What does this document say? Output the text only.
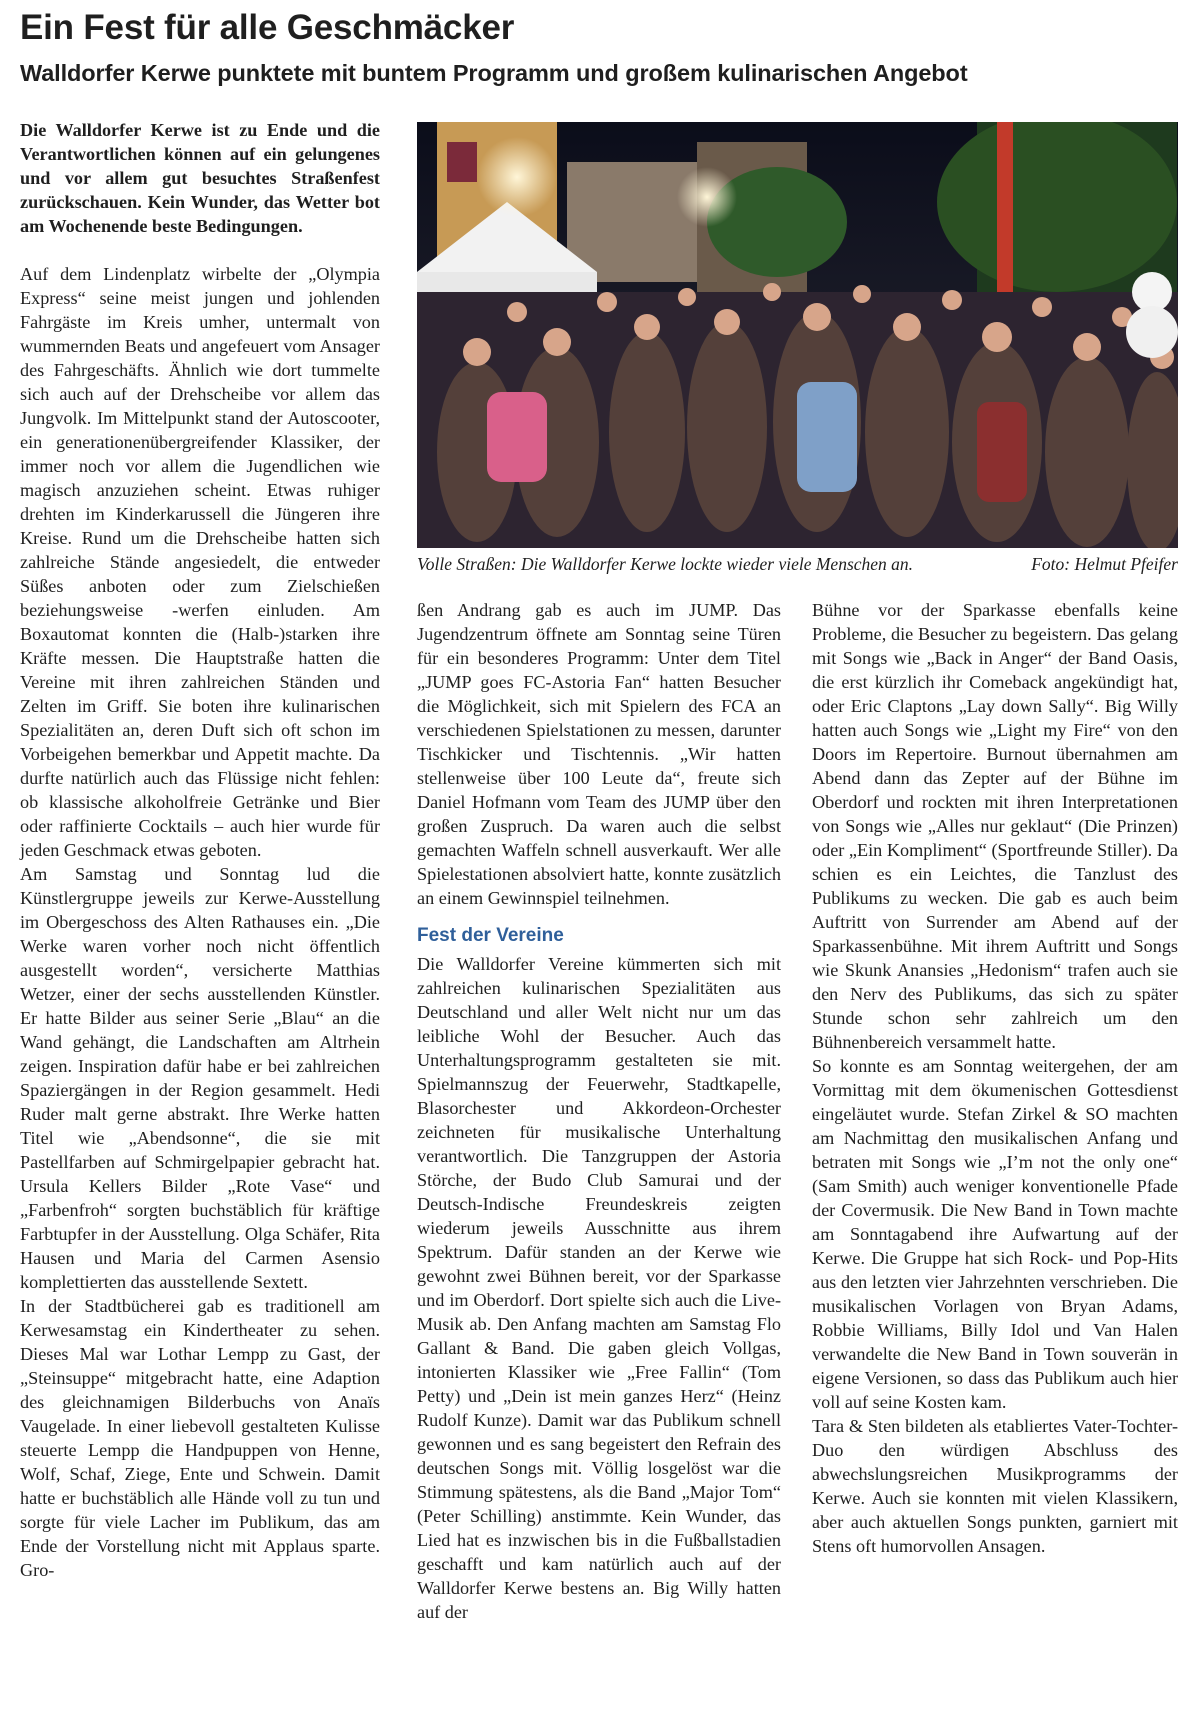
Ein Fest für alle Geschmäcker
Walldorfer Kerwe punktete mit buntem Programm und großem kulinarischen Angebot

Die Walldorfer Kerwe ist zu Ende und die Verantwortlichen können auf ein gelungenes und vor allem gut besuchtes Straßenfest zurückschauen. Kein Wunder, das Wetter bot am Wochenende beste Bedingungen.

Auf dem Lindenplatz wirbelte der „Olympia Express“ seine meist jungen und johlenden Fahrgäste im Kreis umher, untermalt von wummernden Beats und angefeuert vom Ansager des Fahrgeschäfts. Ähnlich wie dort tummelte sich auch auf der Drehscheibe vor allem das Jungvolk. Im Mittelpunkt stand der Autoscooter, ein generationenübergreifender Klassiker, der immer noch vor allem die Jugendlichen wie magisch anzuziehen scheint. Etwas ruhiger drehten im Kinderkarussell die Jüngeren ihre Kreise. Rund um die Drehscheibe hatten sich zahlreiche Stände angesiedelt, die entweder Süßes anboten oder zum Zielschießen beziehungsweise -werfen einluden. Am Boxautomat konnten die (Halb-)starken ihre Kräfte messen. Die Hauptstraße hatten die Vereine mit ihren zahlreichen Ständen und Zelten im Griff. Sie boten ihre kulinarischen Spezialitäten an, deren Duft sich oft schon im Vorbeigehen bemerkbar und Appetit machte. Da durfte natürlich auch das Flüssige nicht fehlen: ob klassische alkoholfreie Getränke und Bier oder raffinierte Cocktails – auch hier wurde für jeden Geschmack etwas geboten.

Am Samstag und Sonntag lud die Künstlergruppe jeweils zur Kerwe-Ausstellung im Obergeschoss des Alten Rathauses ein. „Die Werke waren vorher noch nicht öffentlich ausgestellt worden“, versicherte Matthias Wetzer, einer der sechs ausstellenden Künstler. Er hatte Bilder aus seiner Serie „Blau“ an die Wand gehängt, die Landschaften am Altrhein zeigen. Inspiration dafür habe er bei zahlreichen Spaziergängen in der Region gesammelt. Hedi Ruder malt gerne abstrakt. Ihre Werke hatten Titel wie „Abendsonne“, die sie mit Pastellfarben auf Schmirgelpapier gebracht hat. Ursula Kellers Bilder „Rote Vase“ und „Farbenfroh“ sorgten buchstäblich für kräftige Farbtupfer in der Ausstellung. Olga Schäfer, Rita Hausen und Maria del Carmen Asensio komplettierten das ausstellende Sextett.

In der Stadtbücherei gab es traditionell am Kerwesamstag ein Kindertheater zu sehen. Dieses Mal war Lothar Lempp zu Gast, der „Steinsuppe“ mitgebracht hatte, eine Adaption des gleichnamigen Bilderbuchs von Anaïs Vaugelade. In einer liebevoll gestalteten Kulisse steuerte Lempp die Handpuppen von Henne, Wolf, Schaf, Ziege, Ente und Schwein. Damit hatte er buchstäblich alle Hände voll zu tun und sorgte für viele Lacher im Publikum, das am Ende der Vorstellung nicht mit Applaus sparte. Gro-

Volle Straßen: Die Walldorfer Kerwe lockte wieder viele Menschen an.	Foto: Helmut Pfeifer

ßen Andrang gab es auch im JUMP. Das Jugendzentrum öffnete am Sonntag seine Türen für ein besonderes Programm: Unter dem Titel „JUMP goes FC-Astoria Fan“ hatten Besucher die Möglichkeit, sich mit Spielern des FCA an verschiedenen Spielstationen zu messen, darunter Tischkicker und Tischtennis. „Wir hatten stellenweise über 100 Leute da“, freute sich Daniel Hofmann vom Team des JUMP über den großen Zuspruch. Da waren auch die selbst gemachten Waffeln schnell ausverkauft. Wer alle Spielestationen absolviert hatte, konnte zusätzlich an einem Gewinnspiel teilnehmen.

Fest der Vereine

Die Walldorfer Vereine kümmerten sich mit zahlreichen kulinarischen Spezialitäten aus Deutschland und aller Welt nicht nur um das leibliche Wohl der Besucher. Auch das Unterhaltungsprogramm gestalteten sie mit. Spielmannszug der Feuerwehr, Stadtkapelle, Blasorchester und Akkordeon-Orchester zeichneten für musikalische Unterhaltung verantwortlich. Die Tanzgruppen der Astoria Störche, der Budo Club Samurai und der Deutsch-Indische Freundeskreis zeigten wiederum jeweils Ausschnitte aus ihrem Spektrum. Dafür standen an der Kerwe wie gewohnt zwei Bühnen bereit, vor der Sparkasse und im Oberdorf. Dort spielte sich auch die Live-Musik ab. Den Anfang machten am Samstag Flo Gallant & Band. Die gaben gleich Vollgas, intonierten Klassiker wie „Free Fallin“ (Tom Petty) und „Dein ist mein ganzes Herz“ (Heinz Rudolf Kunze). Damit war das Publikum schnell gewonnen und es sang begeistert den Refrain des deutschen Songs mit. Völlig losgelöst war die Stimmung spätestens, als die Band „Major Tom“ (Peter Schilling) anstimmte. Kein Wunder, das Lied hat es inzwischen bis in die Fußballstadien geschafft und kam natürlich auch auf der Walldorfer Kerwe bestens an. Big Willy hatten auf der

Bühne vor der Sparkasse ebenfalls keine Probleme, die Besucher zu begeistern. Das gelang mit Songs wie „Back in Anger“ der Band Oasis, die erst kürzlich ihr Comeback angekündigt hat, oder Eric Claptons „Lay down Sally“. Big Willy hatten auch Songs wie „Light my Fire“ von den Doors im Repertoire. Burnout übernahmen am Abend dann das Zepter auf der Bühne im Oberdorf und rockten mit ihren Interpretationen von Songs wie „Alles nur geklaut“ (Die Prinzen) oder „Ein Kompliment“ (Sportfreunde Stiller). Da schien es ein Leichtes, die Tanzlust des Publikums zu wecken. Die gab es auch beim Auftritt von Surrender am Abend auf der Sparkassenbühne. Mit ihrem Auftritt und Songs wie Skunk Anansies „Hedonism“ trafen auch sie den Nerv des Publikums, das sich zu später Stunde schon sehr zahlreich um den Bühnenbereich versammelt hatte.

So konnte es am Sonntag weitergehen, der am Vormittag mit dem ökumenischen Gottesdienst eingeläutet wurde. Stefan Zirkel & SO machten am Nachmittag den musikalischen Anfang und betraten mit Songs wie „I’m not the only one“ (Sam Smith) auch weniger konventionelle Pfade der Covermusik. Die New Band in Town machte am Sonntagabend ihre Aufwartung auf der Kerwe. Die Gruppe hat sich Rock- und Pop-Hits aus den letzten vier Jahrzehnten verschrieben. Die musikalischen Vorlagen von Bryan Adams, Robbie Williams, Billy Idol und Van Halen verwandelte die New Band in Town souverän in eigene Versionen, so dass das Publikum auch hier voll auf seine Kosten kam.

Tara & Sten bildeten als etabliertes Vater-Tochter-Duo den würdigen Abschluss des abwechslungsreichen Musikprogramms der Kerwe. Auch sie konnten mit vielen Klassikern, aber auch aktuellen Songs punkten, garniert mit Stens oft humorvollen Ansagen.
